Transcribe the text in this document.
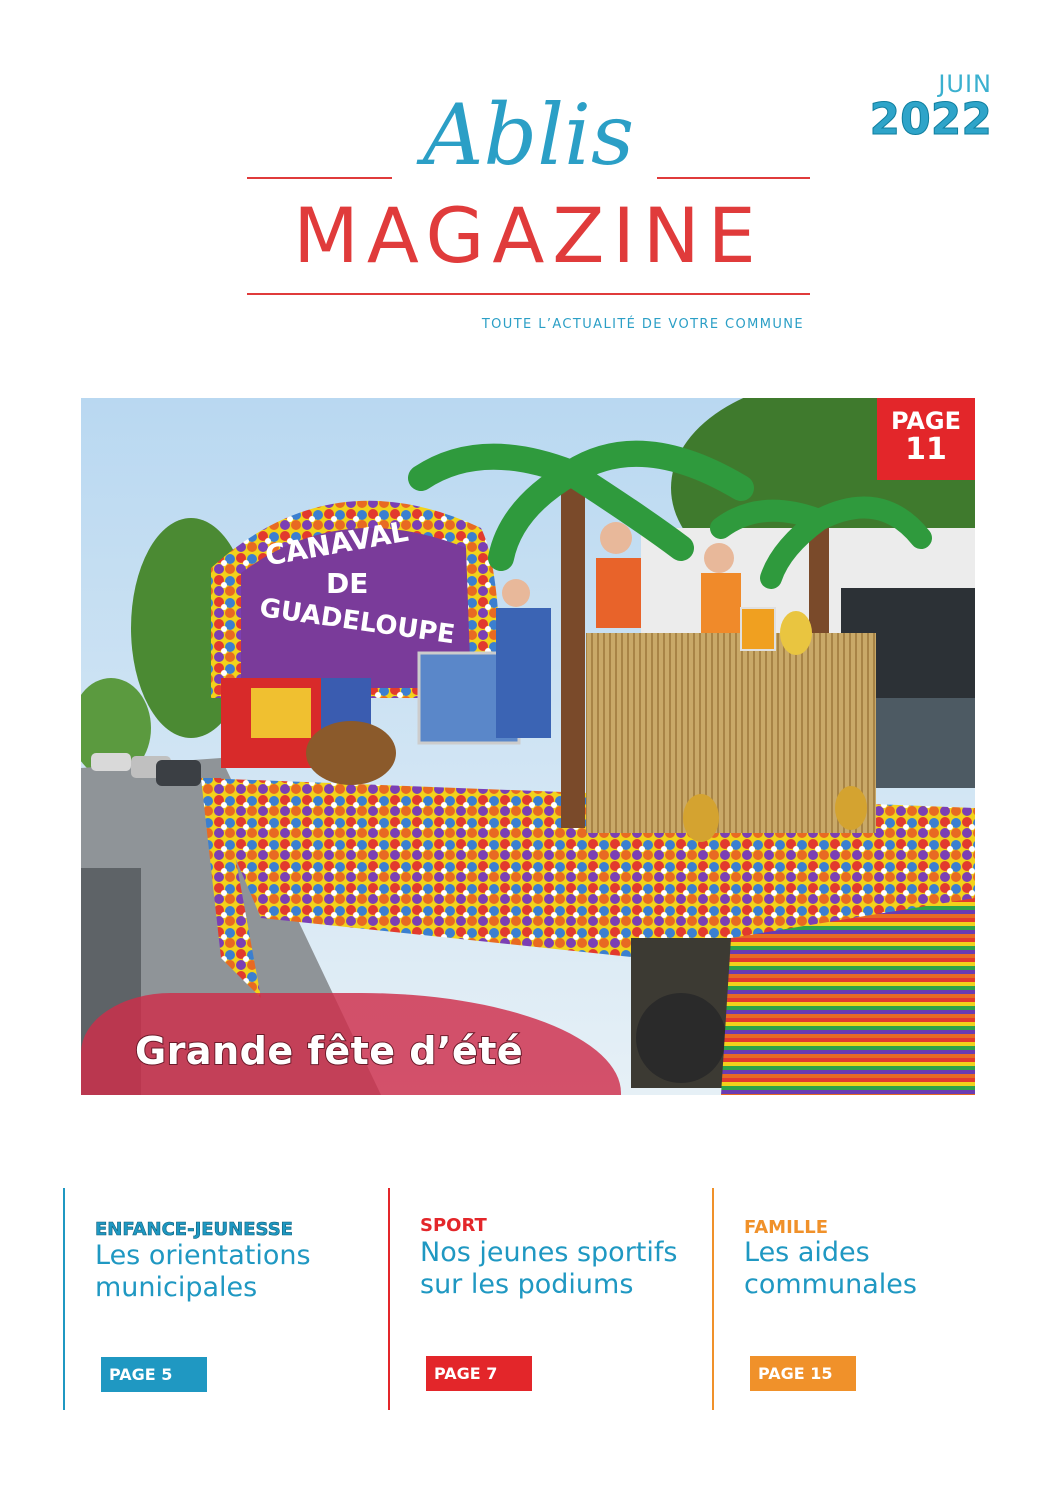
JUIN
2022
Ablis
MAGAZINE
TOUTE L’ACTUALITÉ DE VOTRE COMMUNE
CANAVAL
DE
GUADELOUPE
PAGE
11
Grande fête d’été
ENFANCE-JEUNESSE
Les orientations municipales
PAGE 5
SPORT
Nos jeunes sportifs sur les podiums
PAGE 7
FAMILLE
Les aides communales
PAGE 15
